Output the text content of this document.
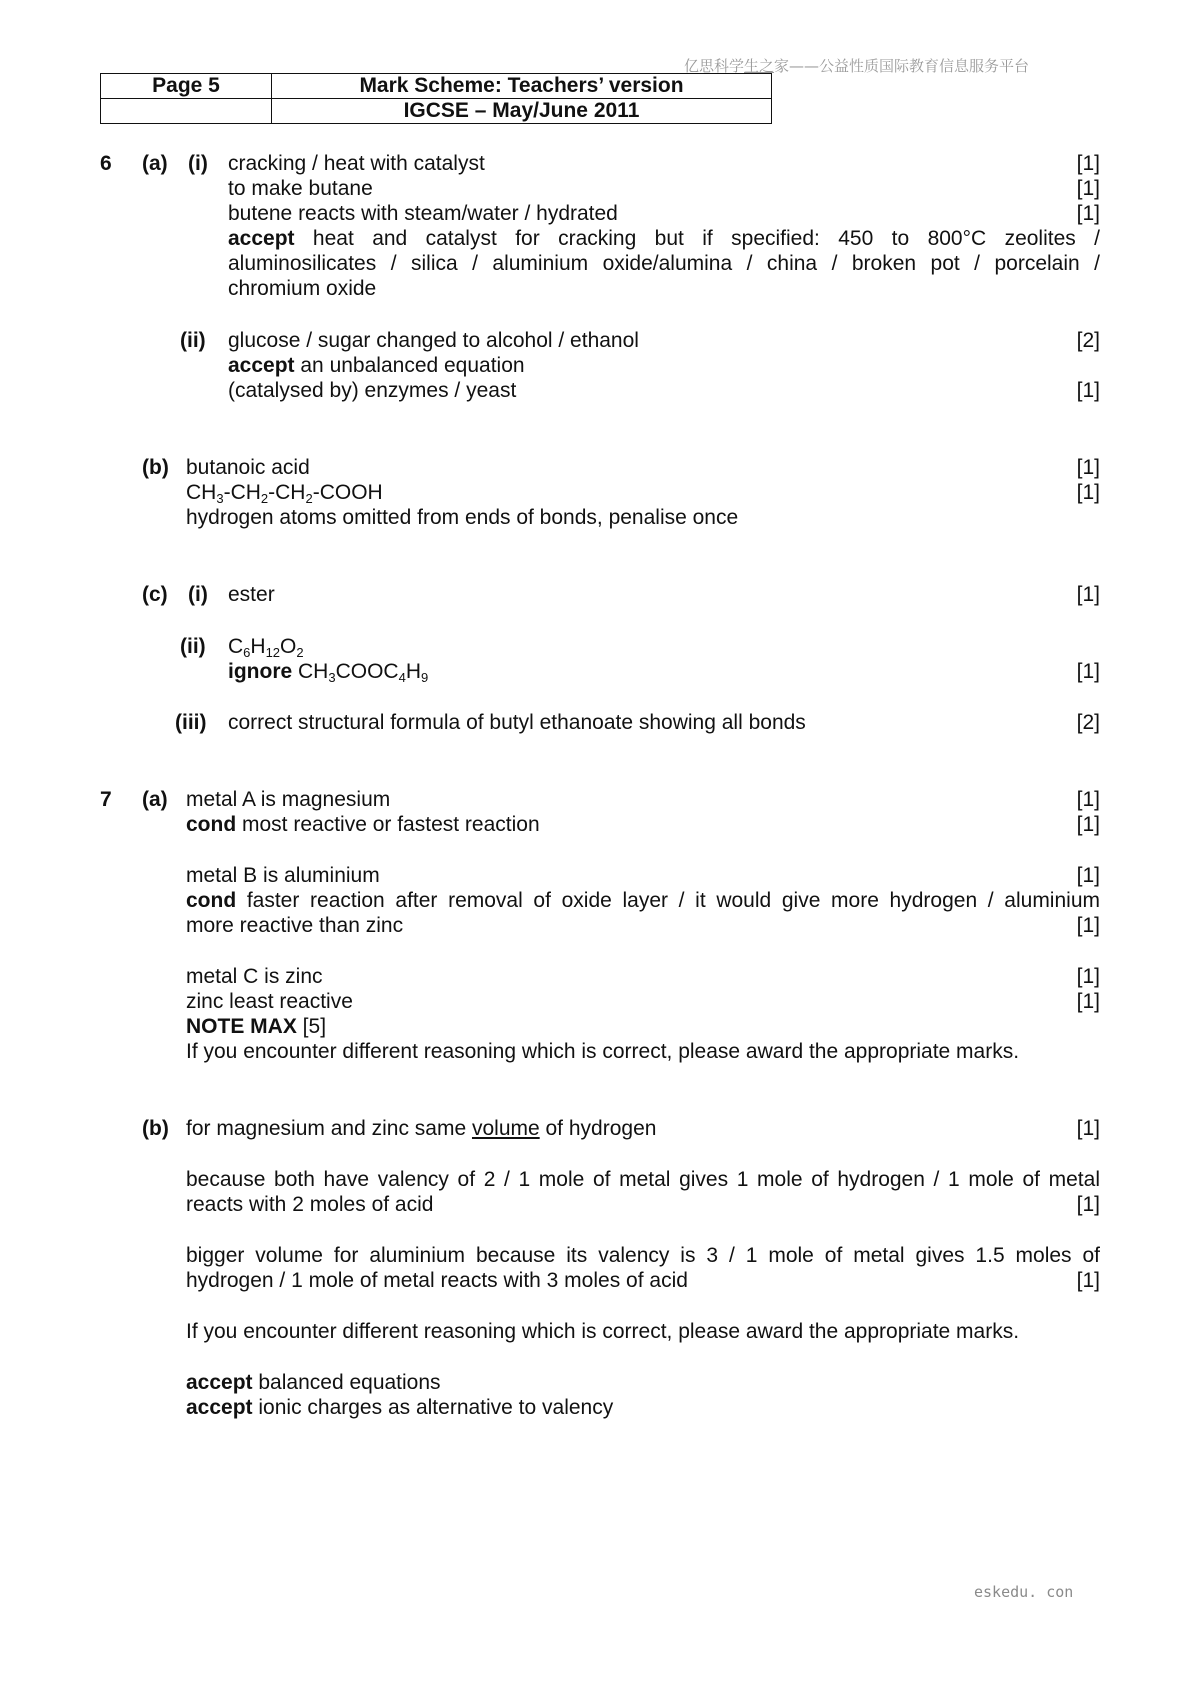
亿思科学生之家——公益性质国际教育信息服务平台
eskedu. con
Page 5	Mark Scheme: Teachers’ version
	IGCSE – May/June 2011
6 (a) (i) cracking / heat with catalyst	[1]
to make butane	[1]
butene reacts with steam/water / hydrated	[1]
accept heat and catalyst for cracking but if specified: 450 to 800°C zeolites /
aluminosilicates / silica / aluminium oxide/alumina / china / broken pot / porcelain /
chromium oxide
(ii) glucose / sugar changed to alcohol / ethanol	[2]
accept an unbalanced equation
(catalysed by) enzymes / yeast	[1]
(b) butanoic acid	[1]
$CH_3-CH_2-CH_2$-COOH	[1]
hydrogen atoms omitted from ends of bonds, penalise once
(c) (i) ester	[1]
(ii) $C_6H_{12}O_2$
ignore $CH_3COOC_4H_9$	[1]
(iii) correct structural formula of butyl ethanoate showing all bonds	[2]
7 (a) metal A is magnesium	[1]
cond most reactive or fastest reaction	[1]
metal B is aluminium	[1]
cond faster reaction after removal of oxide layer / it would give more hydrogen / aluminium
more reactive than zinc	[1]
metal C is zinc	[1]
zinc least reactive	[1]
NOTE MAX [5]
If you encounter different reasoning which is correct, please award the appropriate marks.
(b) for magnesium and zinc same volume of hydrogen	[1]
because both have valency of 2 / 1 mole of metal gives 1 mole of hydrogen / 1 mole of metal
reacts with 2 moles of acid	[1]
bigger volume for aluminium because its valency is 3 / 1 mole of metal gives 1.5 moles of
hydrogen / 1 mole of metal reacts with 3 moles of acid	[1]
If you encounter different reasoning which is correct, please award the appropriate marks.
accept balanced equations
accept ionic charges as alternative to valency
